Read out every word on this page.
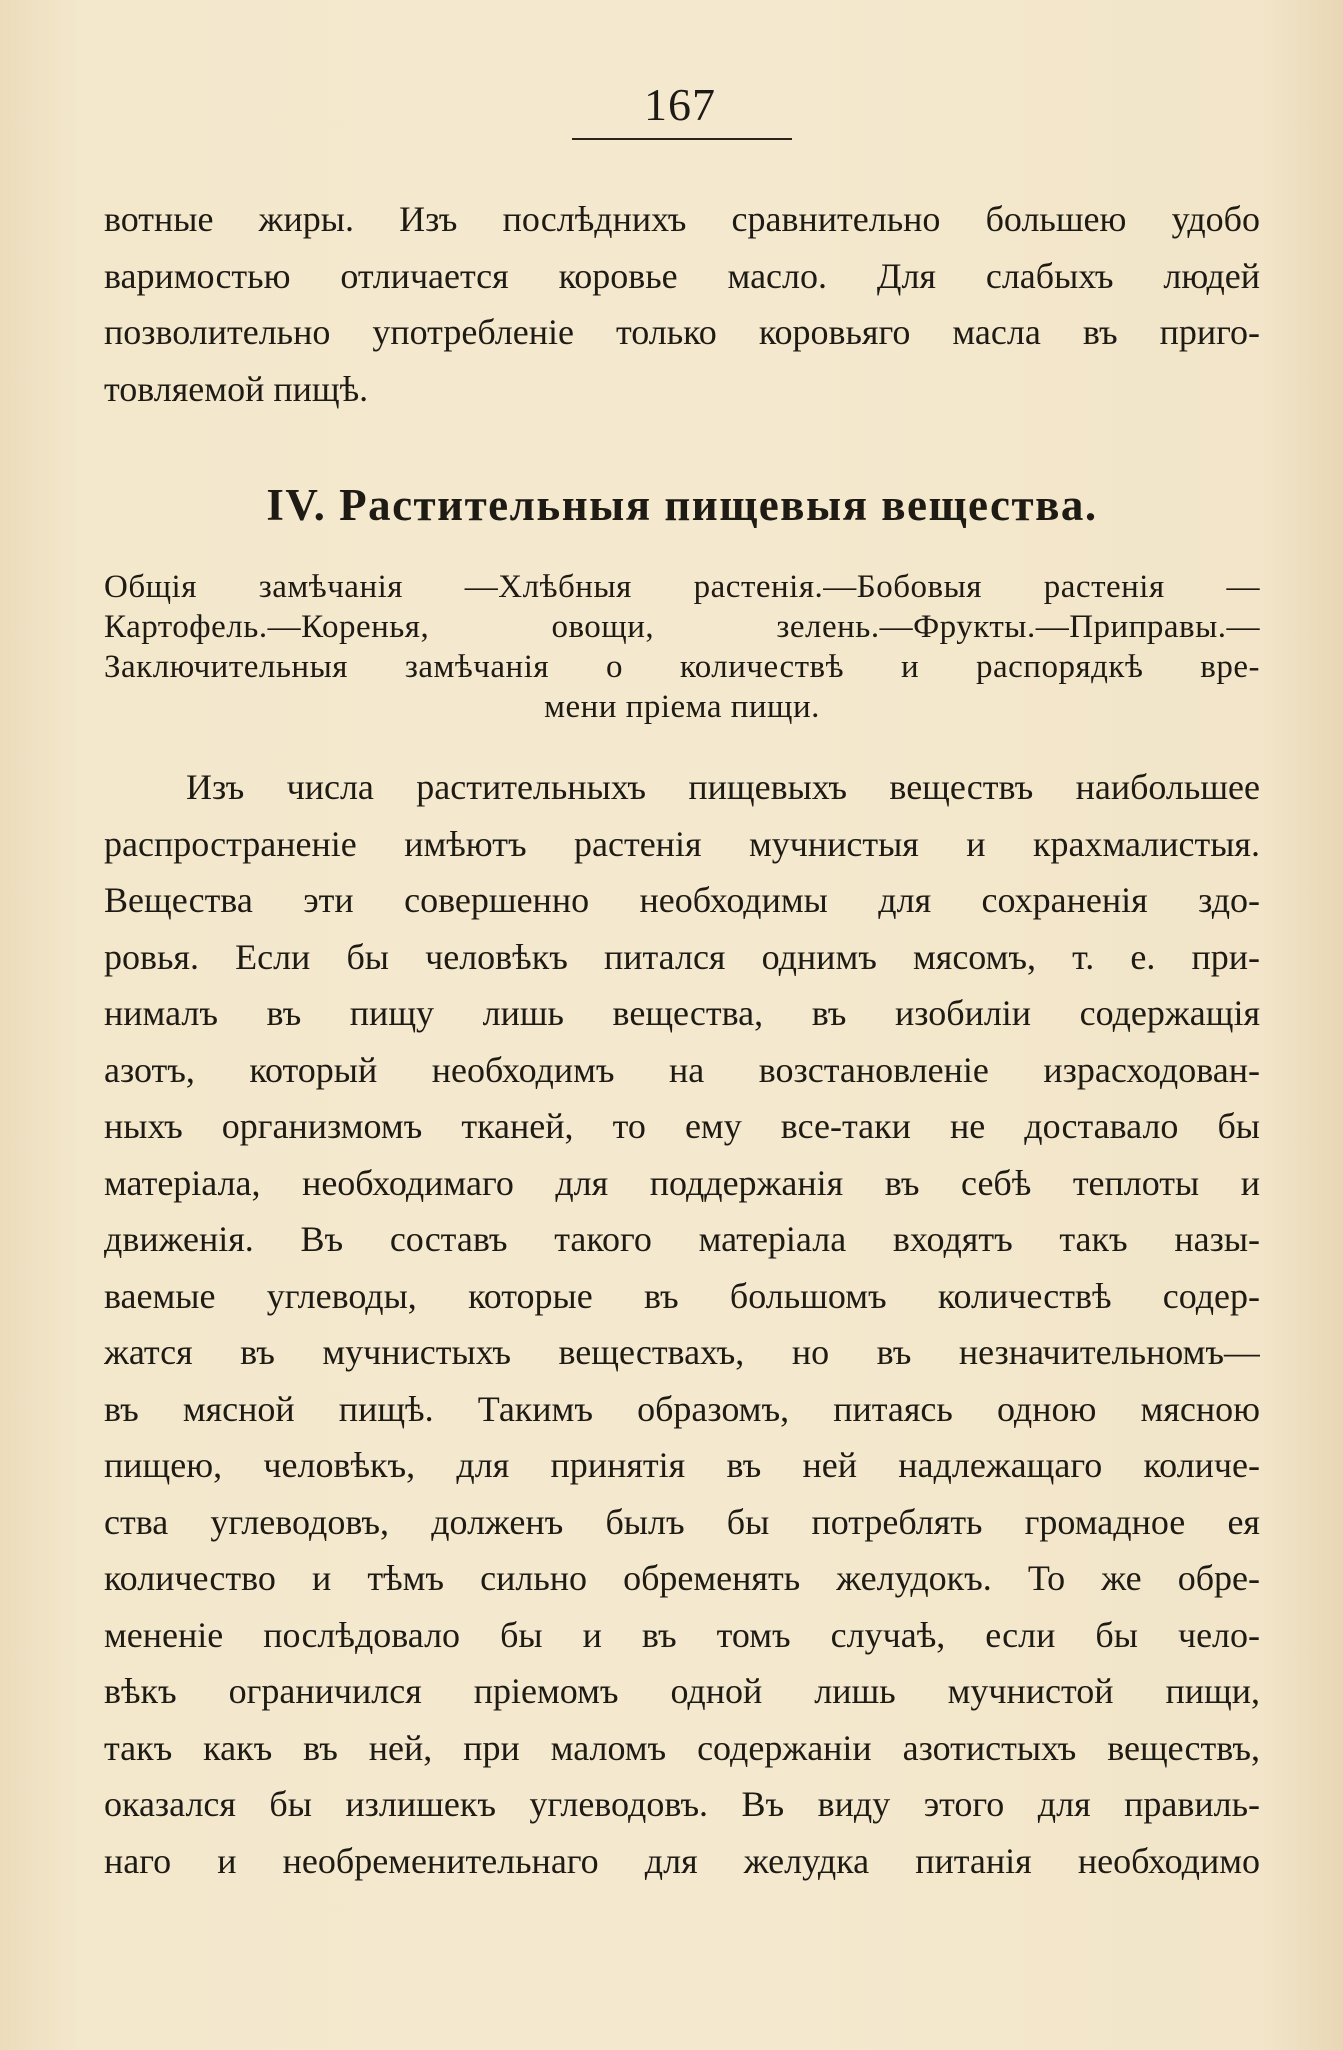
167
вотные жиры. Изъ послѣднихъ сравнительно большею удобо
варимостью отличается коровье масло. Для слабыхъ людей
позволительно употребленіе только коровьяго масла въ приго-
товляемой пищѣ.
IV. Растительныя пищевыя вещества.
Общія замѣчанія —Хлѣбныя растенія.—Бобовыя растенія —
Картофель.—Коренья, овощи, зелень.—Фрукты.—Приправы.—
Заключительныя замѣчанія о количествѣ и распорядкѣ вре-
мени пріема пищи.
Изъ числа растительныхъ пищевыхъ веществъ наибольшее
распространеніе имѣютъ растенія мучнистыя и крахмалистыя.
Вещества эти совершенно необходимы для сохраненія здо-
ровья. Если бы человѣкъ питался однимъ мясомъ, т. е. при-
нималъ въ пищу лишь вещества, въ изобиліи содержащія
азотъ, который необходимъ на возстановленіе израсходован-
ныхъ организмомъ тканей, то ему все-таки не доставало бы
матеріала, необходимаго для поддержанія въ себѣ теплоты и
движенія. Въ составъ такого матеріала входятъ такъ назы-
ваемые углеводы, которые въ большомъ количествѣ содер-
жатся въ мучнистыхъ веществахъ, но въ незначительномъ—
въ мясной пищѣ. Такимъ образомъ, питаясь одною мясною
пищею, человѣкъ, для принятія въ ней надлежащаго количе-
ства углеводовъ, долженъ былъ бы потреблять громадное ея
количество и тѣмъ сильно обременять желудокъ. То же обре-
мененіе послѣдовало бы и въ томъ случаѣ, если бы чело-
вѣкъ ограничился пріемомъ одной лишь мучнистой пищи,
такъ какъ въ ней, при маломъ содержаніи азотистыхъ веществъ,
оказался бы излишекъ углеводовъ. Въ виду этого для правиль-
наго и необременительнаго для желудка питанія необходимо
